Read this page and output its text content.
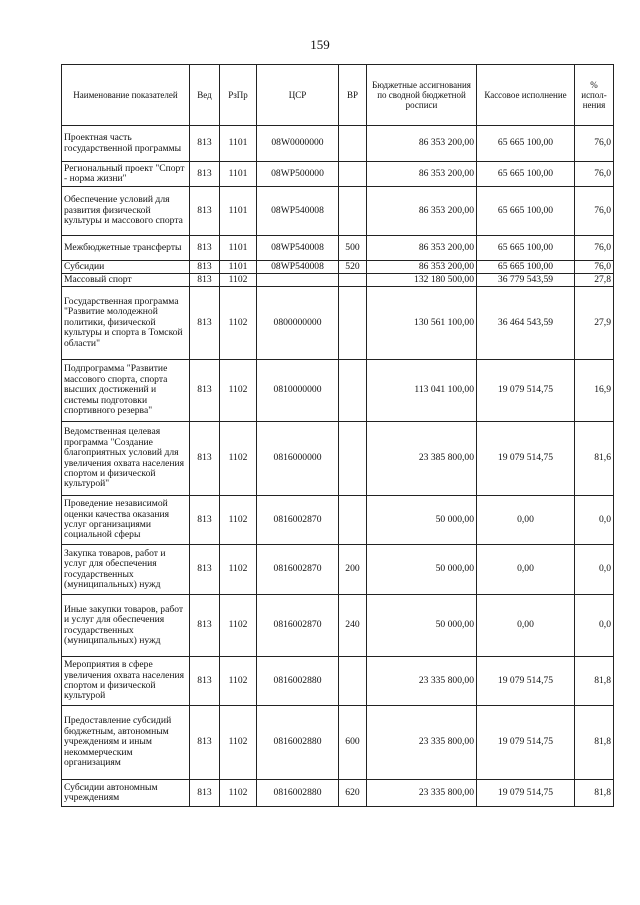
159
Наименование показателей	Вед	РзПр	ЦСР	ВР	Бюджетные ассигнования по сводной бюджетной росписи	Кассовое исполнение	% испол-нения
Проектная часть государственной программы	813	1101	08W0000000		86 353 200,00	65 665 100,00	76,0
Региональный проект "Спорт - норма жизни"	813	1101	08WP500000		86 353 200,00	65 665 100,00	76,0
Обеспечение условий для развития физической культуры и массового спорта	813	1101	08WP540008		86 353 200,00	65 665 100,00	76,0
Межбюджетные трансферты	813	1101	08WP540008	500	86 353 200,00	65 665 100,00	76,0
Субсидии	813	1101	08WP540008	520	86 353 200,00	65 665 100,00	76,0
Массовый спорт	813	1102			132 180 500,00	36 779 543,59	27,8
Государственная программа "Развитие молодежной политики, физической культуры и спорта в Томской области"	813	1102	0800000000		130 561 100,00	36 464 543,59	27,9
Подпрограмма "Развитие массового спорта, спорта высших достижений и системы подготовки спортивного резерва"	813	1102	0810000000		113 041 100,00	19 079 514,75	16,9
Ведомственная целевая программа "Создание благоприятных условий для увеличения охвата населения спортом и физической культурой"	813	1102	0816000000		23 385 800,00	19 079 514,75	81,6
Проведение независимой оценки качества оказания услуг организациями социальной сферы	813	1102	0816002870		50 000,00	0,00	0,0
Закупка товаров, работ и услуг для обеспечения государственных (муниципальных) нужд	813	1102	0816002870	200	50 000,00	0,00	0,0
Иные закупки товаров, работ и услуг для обеспечения государственных (муниципальных) нужд	813	1102	0816002870	240	50 000,00	0,00	0,0
Мероприятия в сфере увеличения охвата населения спортом и физической культурой	813	1102	0816002880		23 335 800,00	19 079 514,75	81,8
Предоставление субсидий бюджетным, автономным учреждениям и иным некоммерческим организациям	813	1102	0816002880	600	23 335 800,00	19 079 514,75	81,8
Субсидии автономным учреждениям	813	1102	0816002880	620	23 335 800,00	19 079 514,75	81,8
